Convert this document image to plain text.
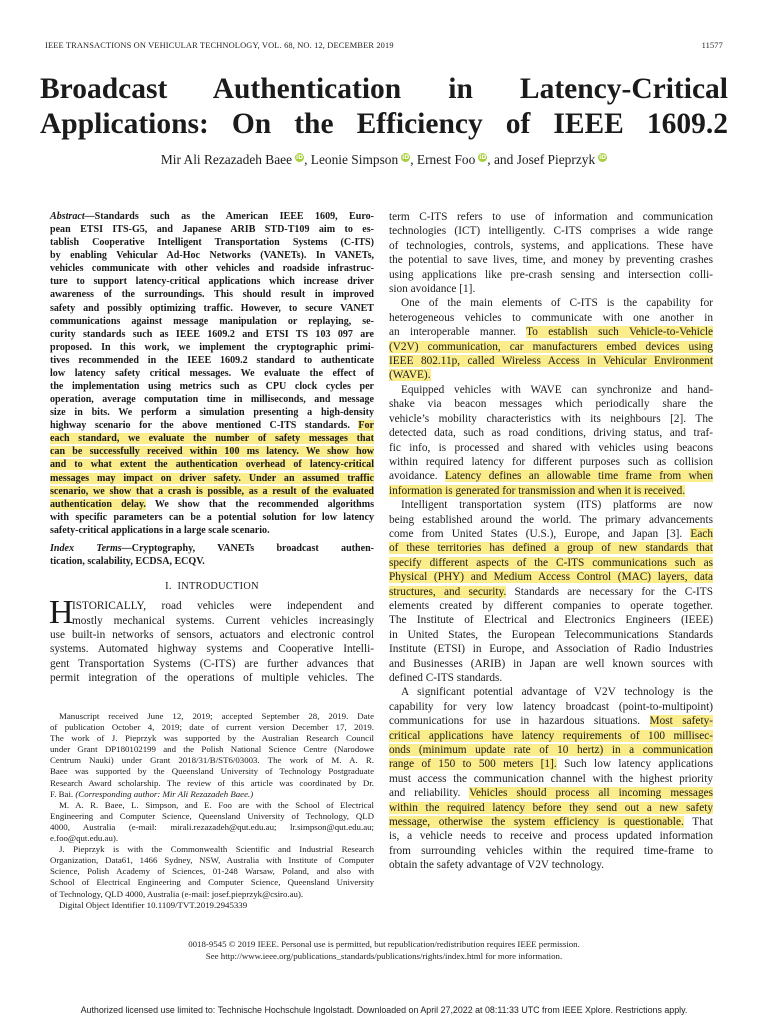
IEEE TRANSACTIONS ON VEHICULAR TECHNOLOGY, VOL. 68, NO. 12, DECEMBER 2019	11577
Broadcast Authentication in Latency-Critical
Applications: On the Efficiency of IEEE 1609.2
Mir Ali Rezazadeh Baee iD , Leonie Simpson iD , Ernest Foo iD , and Josef Pieprzyk iD
Abstract—Standards such as the American IEEE 1609, Euro-
pean ETSI ITS-G5, and Japanese ARIB STD-T109 aim to es-
tablish Cooperative Intelligent Transportation Systems (C-ITS)
by enabling Vehicular Ad-Hoc Networks (VANETs). In VANETs,
vehicles communicate with other vehicles and roadside infrastruc-
ture to support latency-critical applications which increase driver
awareness of the surroundings. This should result in improved
safety and possibly optimizing traffic. However, to secure VANET
communications against message manipulation or replaying, se-
curity standards such as IEEE 1609.2 and ETSI TS 103 097 are
proposed. In this work, we implement the cryptographic primi-
tives recommended in the IEEE 1609.2 standard to authenticate
low latency safety critical messages. We evaluate the effect of
the implementation using metrics such as CPU clock cycles per
operation, average computation time in milliseconds, and message
size in bits. We perform a simulation presenting a high-density
highway scenario for the above mentioned C-ITS standards. For
each standard, we evaluate the number of safety messages that
can be successfully received within 100 ms latency. We show how
and to what extent the authentication overhead of latency-critical
messages may impact on driver safety. Under an assumed traffic
scenario, we show that a crash is possible, as a result of the evaluated
authentication delay. We show that the recommended algorithms
with specific parameters can be a potential solution for low latency
safety-critical applications in a large scale scenario.
Index Terms—Cryptography, VANETs broadcast authen-
tication, scalability, ECDSA, ECQV.
I. INTRODUCTION
H
ISTORICALLY, road vehicles were independent and
mostly mechanical systems. Current vehicles increasingly
use built-in networks of sensors, actuators and electronic control
systems. Automated highway systems and Cooperative Intelli-
gent Transportation Systems (C-ITS) are further advances that
permit integration of the operations of multiple vehicles. The
Manuscript received June 12, 2019; accepted September 28, 2019. Date
of publication October 4, 2019; date of current version December 17, 2019.
The work of J. Pieprzyk was supported by the Australian Research Council
under Grant DP180102199 and the Polish National Science Centre (Narodowe
Centrum Nauki) under Grant 2018/31/B/ST6/03003. The work of M. A. R.
Baee was supported by the Queensland University of Technology Postgraduate
Research Award scholarship. The review of this article was coordinated by Dr.
F. Bai. (Corresponding author: Mir Ali Rezazadeh Baee.)
M. A. R. Baee, L. Simpson, and E. Foo are with the School of Electrical
Engineering and Computer Science, Queensland University of Technology, QLD
4000, Australia (e-mail: mirali.rezazadeh@qut.edu.au; lr.simpson@qut.edu.au;
e.foo@qut.edu.au).
J. Pieprzyk is with the Commonwealth Scientific and Industrial Research
Organization, Data61, 1466 Sydney, NSW, Australia with Institute of Computer
Science, Polish Academy of Sciences, 01-248 Warsaw, Poland, and also with
School of Electrical Engineering and Computer Science, Queensland University
of Technology, QLD 4000, Australia (e-mail: josef.pieprzyk@csiro.au).
Digital Object Identifier 10.1109/TVT.2019.2945339
term C-ITS refers to use of information and communication
technologies (ICT) intelligently. C-ITS comprises a wide range
of technologies, controls, systems, and applications. These have
the potential to save lives, time, and money by preventing crashes
using applications like pre-crash sensing and intersection colli-
sion avoidance [1].
One of the main elements of C-ITS is the capability for
heterogeneous vehicles to communicate with one another in
an interoperable manner. To establish such Vehicle-to-Vehicle
(V2V) communication, car manufacturers embed devices using
IEEE 802.11p, called Wireless Access in Vehicular Environment
(WAVE).
Equipped vehicles with WAVE can synchronize and hand-
shake via beacon messages which periodically share the
vehicle’s mobility characteristics with its neighbours [2]. The
detected data, such as road conditions, driving status, and traf-
fic info, is processed and shared with vehicles using beacons
within required latency for different purposes such as collision
avoidance. Latency defines an allowable time frame from when
information is generated for transmission and when it is received.
Intelligent transportation system (ITS) platforms are now
being established around the world. The primary advancements
come from United States (U.S.), Europe, and Japan [3]. Each
of these territories has defined a group of new standards that
specify different aspects of the C-ITS communications such as
Physical (PHY) and Medium Access Control (MAC) layers, data
structures, and security. Standards are necessary for the C-ITS
elements created by different companies to operate together.
The Institute of Electrical and Electronics Engineers (IEEE)
in United States, the European Telecommunications Standards
Institute (ETSI) in Europe, and Association of Radio Industries
and Businesses (ARIB) in Japan are well known sources with
defined C-ITS standards.
A significant potential advantage of V2V technology is the
capability for very low latency broadcast (point-to-multipoint)
communications for use in hazardous situations. Most safety-
critical applications have latency requirements of 100 millisec-
onds (minimum update rate of 10 hertz) in a communication
range of 150 to 500 meters [1]. Such low latency applications
must access the communication channel with the highest priority
and reliability. Vehicles should process all incoming messages
within the required latency before they send out a new safety
message, otherwise the system efficiency is questionable. That
is, a vehicle needs to receive and process updated information
from surrounding vehicles within the required time-frame to
obtain the safety advantage of V2V technology.
0018-9545 © 2019 IEEE. Personal use is permitted, but republication/redistribution requires IEEE permission.
See http://www.ieee.org/publications_standards/publications/rights/index.html for more information.
Authorized licensed use limited to: Technische Hochschule Ingolstadt. Downloaded on April 27,2022 at 08:11:33 UTC from IEEE Xplore. Restrictions apply.
